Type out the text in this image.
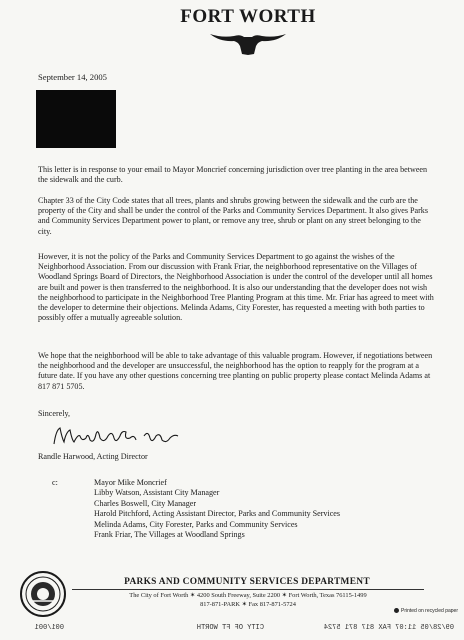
FORT WORTH
September 14, 2005

This letter is in response to your email to Mayor Moncrief concerning jurisdiction over tree planting in the area between the sidewalk and the curb.

Chapter 33 of the City Code states that all trees, plants and shrubs growing between the sidewalk and the curb are the property of the City and shall be under the control of the Parks and Community Services Department. It also gives Parks and Community Services Department power to plant, or remove any tree, shrub or plant on any street belonging to the city.

However, it is not the policy of the Parks and Community Services Department to go against the wishes of the Neighborhood Association. From our discussion with Frank Friar, the neighborhood representative on the Villages of Woodland Springs Board of Directors, the Neighborhood Association is under the control of the developer until all homes are built and power is then transferred to the neighborhood. It is also our understanding that the developer does not wish the neighborhood to participate in the Neighborhood Tree Planting Program at this time. Mr. Friar has agreed to meet with the developer to determine their objections. Melinda Adams, City Forester, has requested a meeting with both parties to possibly offer a mutually agreeable solution.

We hope that the neighborhood will be able to take advantage of this valuable program. However, if negotiations between the neighborhood and the developer are unsuccessful, the neighborhood has the option to reapply for the program at a future date. If you have any other questions concerning tree planting on public property please contact Melinda Adams at 817 871 5705.

Sincerely,
Randle Harwood, Acting Director
c:	Mayor Mike Moncrief
Libby Watson, Assistant City Manager
Charles Boswell, City Manager
Harold Pitchford, Acting Assistant Director, Parks and Community Services
Melinda Adams, City Forester, Parks and Community Services
Frank Friar, The Villages at Woodland Springs
PARKS AND COMMUNITY SERVICES DEPARTMENT
The City of Fort Worth ✶ 4200 South Freeway, Suite 2200 ✶ Fort Worth, Texas 76115-1499
817-871-PARK ✶ Fax 817-871-5724
Printed on recycled paper
09/28/05 11:07 FAX 817 871 5724
CITY OF FT WORTH
001/001
